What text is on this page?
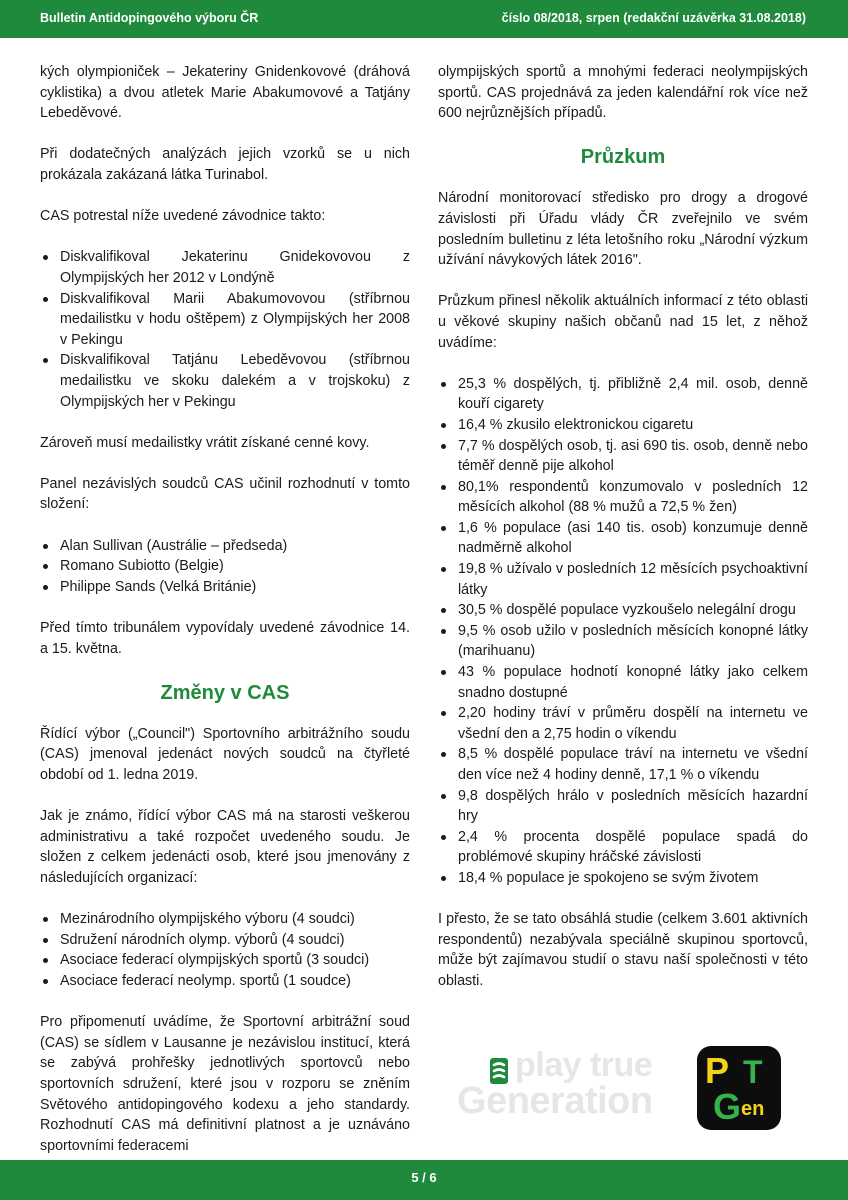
Bulletin Antidopingového výboru ČR	číslo 08/2018, srpen (redakční uzávěrka 31.08.2018)

kých olympioniček – Jekateriny Gnidenkovové (dráhová cyklistika) a dvou atletek Marie Abakumovové a Tatjány Lebeděvové.

Při dodatečných analýzách jejich vzorků se u nich prokázala zakázaná látka Turinabol.

CAS potrestal níže uvedené závodnice takto:

Diskvalifikoval Jekaterinu Gnidekovovou z Olympijských her 2012 v Londýně
Diskvalifikoval Marii Abakumovovou (stříbrnou medailistku v hodu oštěpem) z Olympijských her 2008 v Pekingu
Diskvalifikoval Tatjánu Lebeděvovou (stříbrnou medailistku ve skoku dalekém a v trojskoku) z Olympijských her v Pekingu

Zároveň musí medailistky vrátit získané cenné kovy.

Panel nezávislých soudců CAS učinil rozhodnutí v tomto složení:

Alan Sullivan (Austrálie – předseda)
Romano Subiotto (Belgie)
Philippe Sands (Velká Británie)

Před tímto tribunálem vypovídaly uvedené závodnice 14. a 15. května.

Změny v CAS

Řídící výbor („Council") Sportovního arbitrážního soudu (CAS) jmenoval jedenáct nových soudců na čtyřleté období od 1. ledna 2019.

Jak je známo, řídící výbor CAS má na starosti veškerou administrativu a také rozpočet uvedeného soudu. Je složen z celkem jedenácti osob, které jsou jmenovány z následujících organizací:

Mezinárodního olympijského výboru (4 soudci)
Sdružení národních olymp. výborů (4 soudci)
Asociace federací olympijských sportů (3 soudci)
Asociace federací neolymp. sportů (1 soudce)

Pro připomenutí uvádíme, že Sportovní arbitrážní soud (CAS) se sídlem v Lausanne je nezávislou institucí, která se zabývá prohřešky jednotlivých sportovců nebo sportovních sdružení, které jsou v rozporu se zněním Světového antidopingového kodexu a jeho standardy. Rozhodnutí CAS má definitivní platnost a je uznáváno sportovními federacemi

olympijských sportů a mnohými federaci neolympijských sportů. CAS projednává za jeden kalendářní rok více než 600 nejrůznějších případů.

Průzkum

Národní monitorovací středisko pro drogy a drogové závislosti při Úřadu vlády ČR zveřejnilo ve svém posledním bulletinu z léta letošního roku „Národní výzkum užívání návykových látek 2016".

Průzkum přinesl několik aktuálních informací z této oblasti u věkové skupiny našich občanů nad 15 let, z něhož uvádíme:

25,3 % dospělých, tj. přibližně 2,4 mil. osob, denně kouří cigarety
16,4 % zkusilo elektronickou cigaretu
7,7 % dospělých osob, tj. asi 690 tis. osob, denně nebo téměř denně pije alkohol
80,1% respondentů konzumovalo v posledních 12 měsících alkohol (88 % mužů a 72,5 % žen)
1,6 % populace (asi 140 tis. osob) konzumuje denně nadměrně alkohol
19,8 % užívalo v posledních 12 měsících psychoaktivní látky
30,5 % dospělé populace vyzkoušelo nelegální drogu
9,5 % osob užilo v posledních měsících konopné látky (marihuanu)
43 % populace hodnotí konopné látky jako celkem snadno dostupné
2,20 hodiny tráví v průměru dospělí na internetu ve všední den a 2,75 hodin o víkendu
8,5 % dospělé populace tráví na internetu ve všední den více než 4 hodiny denně, 17,1 % o víkendu
9,8 dospělých hrálo v posledních měsících hazardní hry
2,4 % procenta dospělé populace spadá do problémové skupiny hráčské závislosti
18,4 % populace je spokojeno se svým životem

I přesto, že se tato obsáhlá studie (celkem 3.601 aktivních respondentů) nezabývala speciálně skupinou sportovců, může být zajímavou studií o stavu naší společnosti v této oblasti.

play true
Generation
P T
G en
5 / 6
